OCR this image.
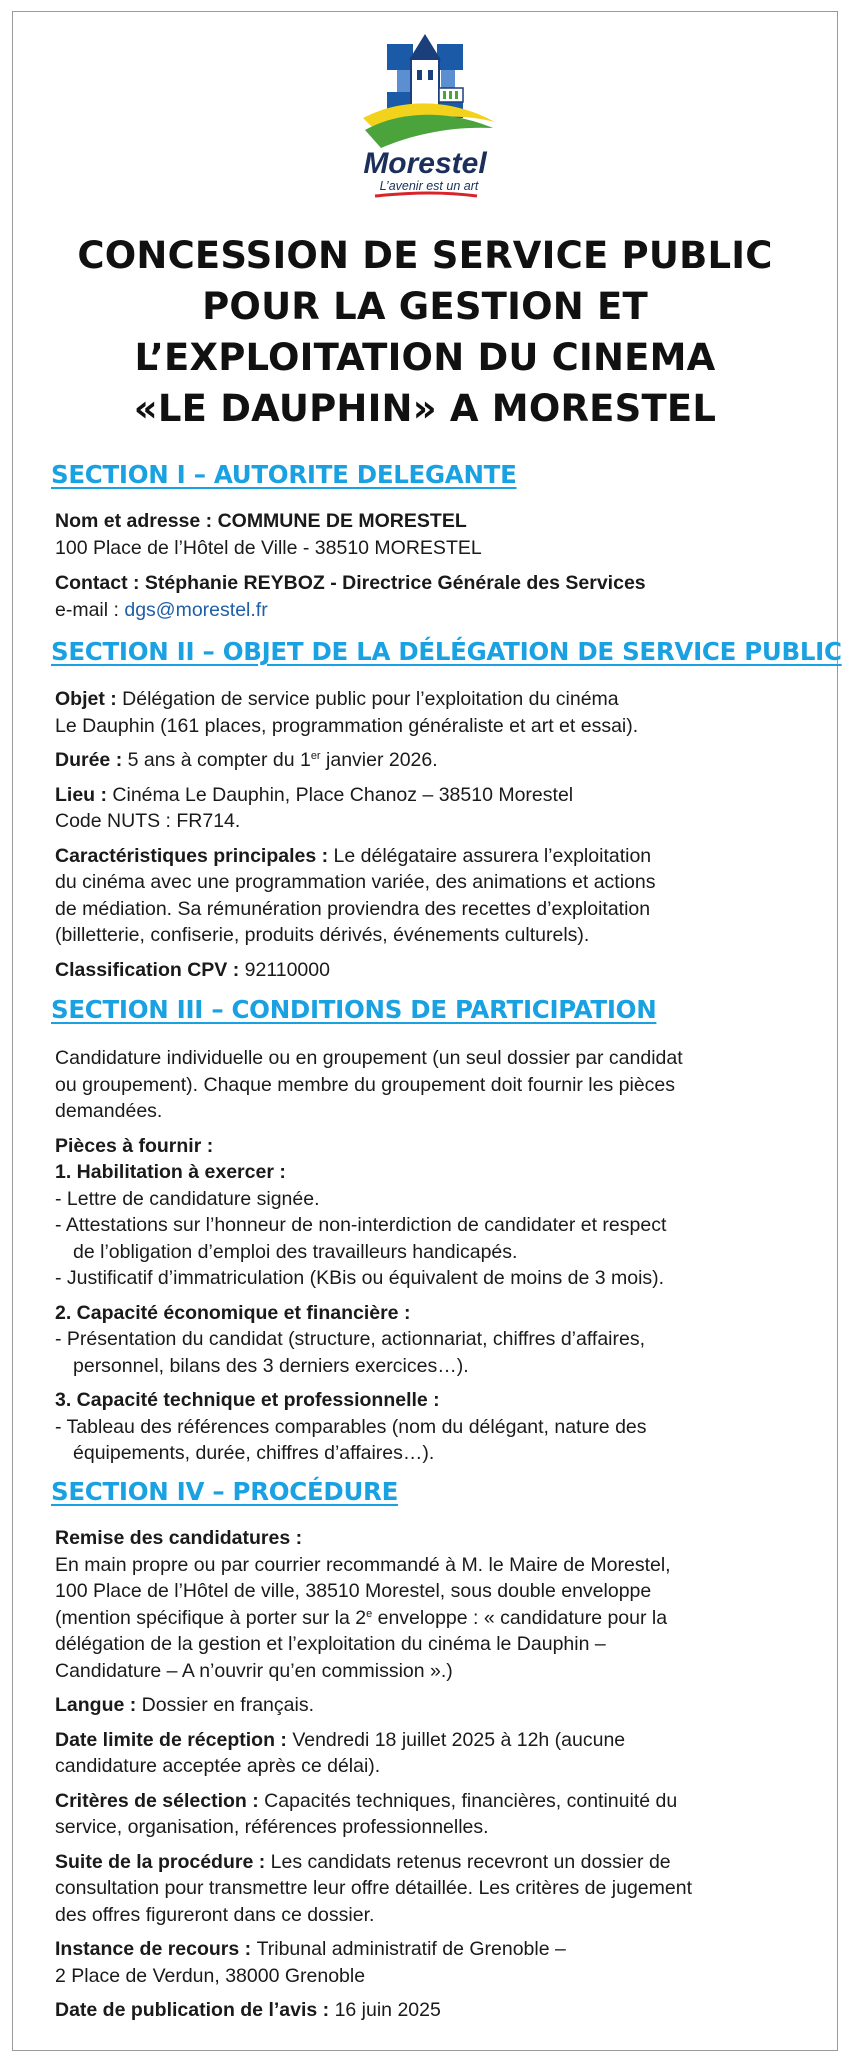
Morestel
L’avenir est un art
CONCESSION DE SERVICE PUBLIC
POUR LA GESTION ET
L’EXPLOITATION DU CINEMA
«LE DAUPHIN» A MORESTEL
SECTION I – AUTORITE DELEGANTE
Nom et adresse : COMMUNE DE MORESTEL
100 Place de l’Hôtel de Ville - 38510 MORESTEL
Contact : Stéphanie REYBOZ - Directrice Générale des Services
e-mail : dgs@morestel.fr
SECTION II – OBJET DE LA DÉLÉGATION DE SERVICE PUBLIC
Objet : Délégation de service public pour l’exploitation du cinéma
Le Dauphin (161 places, programmation généraliste et art et essai).
Durée : 5 ans à compter du 1er janvier 2026.
Lieu : Cinéma Le Dauphin, Place Chanoz – 38510 Morestel
Code NUTS : FR714.
Caractéristiques principales : Le délégataire assurera l’exploitation
du cinéma avec une programmation variée, des animations et actions
de médiation. Sa rémunération proviendra des recettes d’exploitation
(billetterie, confiserie, produits dérivés, événements culturels).
Classification CPV : 92110000
SECTION III – CONDITIONS DE PARTICIPATION
Candidature individuelle ou en groupement (un seul dossier par candidat
ou groupement). Chaque membre du groupement doit fournir les pièces
demandées.
Pièces à fournir :
1. Habilitation à exercer :
- Lettre de candidature signée.
- Attestations sur l’honneur de non-interdiction de candidater et respect
de l’obligation d’emploi des travailleurs handicapés.
- Justificatif d’immatriculation (KBis ou équivalent de moins de 3 mois).
2. Capacité économique et financière :
- Présentation du candidat (structure, actionnariat, chiffres d’affaires,
personnel, bilans des 3 derniers exercices…).
3. Capacité technique et professionnelle :
- Tableau des références comparables (nom du délégant, nature des
équipements, durée, chiffres d’affaires…).
SECTION IV – PROCÉDURE
Remise des candidatures :
En main propre ou par courrier recommandé à M. le Maire de Morestel,
100 Place de l’Hôtel de ville, 38510 Morestel, sous double enveloppe
(mention spécifique à porter sur la 2e enveloppe : « candidature pour la
délégation de la gestion et l’exploitation du cinéma le Dauphin –
Candidature – A n’ouvrir qu’en commission ».)
Langue : Dossier en français.
Date limite de réception : Vendredi 18 juillet 2025 à 12h (aucune
candidature acceptée après ce délai).
Critères de sélection : Capacités techniques, financières, continuité du
service, organisation, références professionnelles.
Suite de la procédure : Les candidats retenus recevront un dossier de
consultation pour transmettre leur offre détaillée. Les critères de jugement
des offres figureront dans ce dossier.
Instance de recours : Tribunal administratif de Grenoble –
2 Place de Verdun, 38000 Grenoble
Date de publication de l’avis : 16 juin 2025
